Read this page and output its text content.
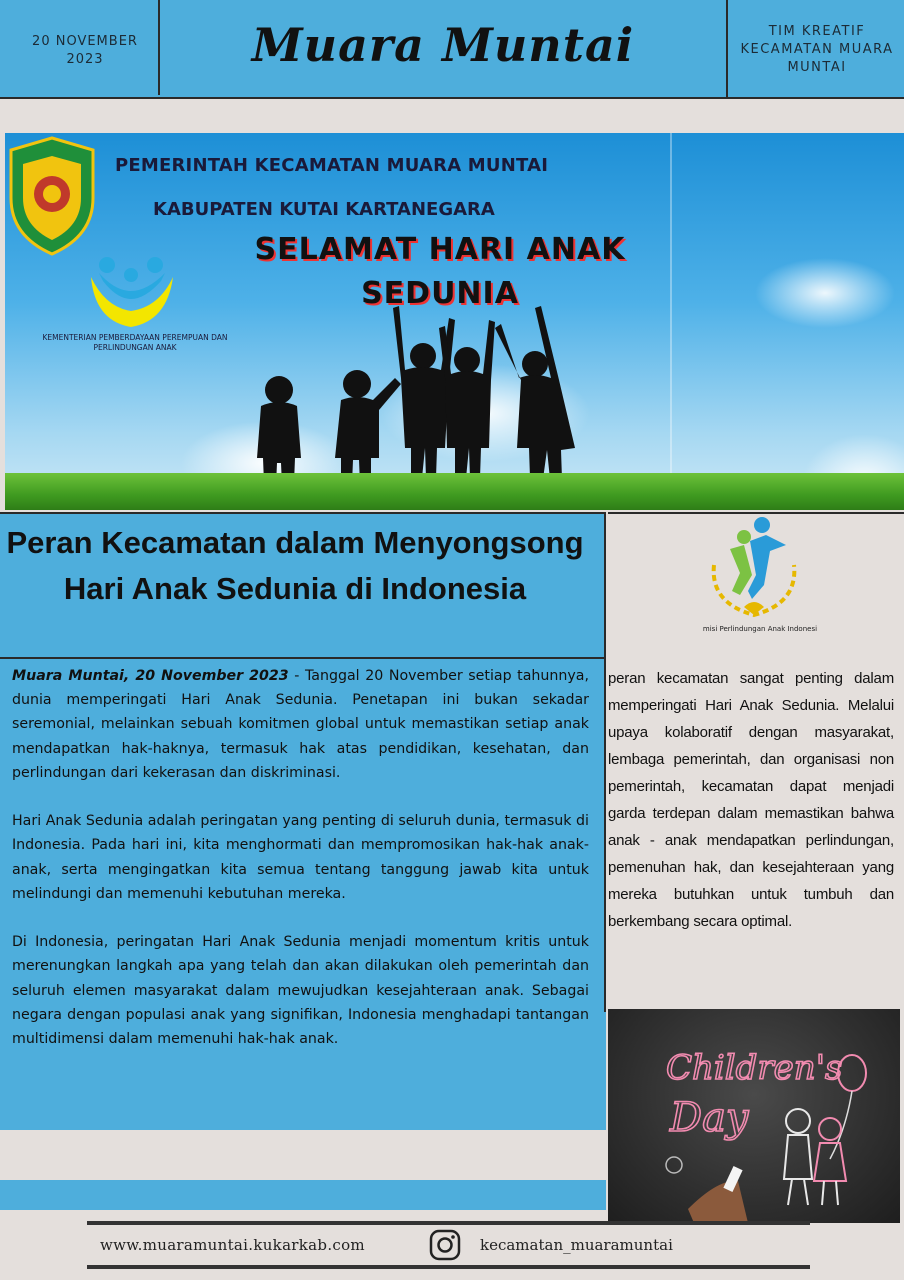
20 NOVEMBER 2023	Muara Muntai	TIM KREATIF KECAMATAN MUARA MUNTAI
PEMERINTAH KECAMATAN MUARA MUNTAI
KABUPATEN KUTAI KARTANEGARA
SELAMAT HARI ANAK SEDUNIA
KEMENTERIAN PEMBERDAYAAN PEREMPUAN DAN PERLINDUNGAN ANAK
Peran Kecamatan dalam Menyongsong Hari Anak Sedunia di Indonesia
misi Perlindungan Anak Indonesi

Muara Muntai, 20 November 2023 - Tanggal 20 November setiap tahunnya, dunia memperingati Hari Anak Sedunia. Penetapan ini bukan sekadar seremonial, melainkan sebuah komitmen global untuk memastikan setiap anak mendapatkan hak-haknya, termasuk hak atas pendidikan, kesehatan, dan perlindungan dari kekerasan dan diskriminasi.

Hari Anak Sedunia adalah peringatan yang penting di seluruh dunia, termasuk di Indonesia. Pada hari ini, kita menghormati dan mempromosikan hak-hak anak-anak, serta mengingatkan kita semua tentang tanggung jawab kita untuk melindungi dan memenuhi kebutuhan mereka.

Di Indonesia, peringatan Hari Anak Sedunia menjadi momentum kritis untuk merenungkan langkah apa yang telah dan akan dilakukan oleh pemerintah dan seluruh elemen masyarakat dalam mewujudkan kesejahteraan anak. Sebagai negara dengan populasi anak yang signifikan, Indonesia menghadapi tantangan multidimensi dalam memenuhi hak-hak anak.

peran kecamatan sangat penting dalam memperingati Hari Anak Sedunia. Melalui upaya kolaboratif dengan masyarakat, lembaga pemerintah, dan organisasi non pemerintah, kecamatan dapat menjadi garda terdepan dalam memastikan bahwa anak - anak mendapatkan perlindungan, pemenuhan hak, dan kesejahteraan yang mereka butuhkan untuk tumbuh dan berkembang secara optimal.
Children's
Day
www.muaramuntai.kukarkab.com	kecamatan_muaramuntai
